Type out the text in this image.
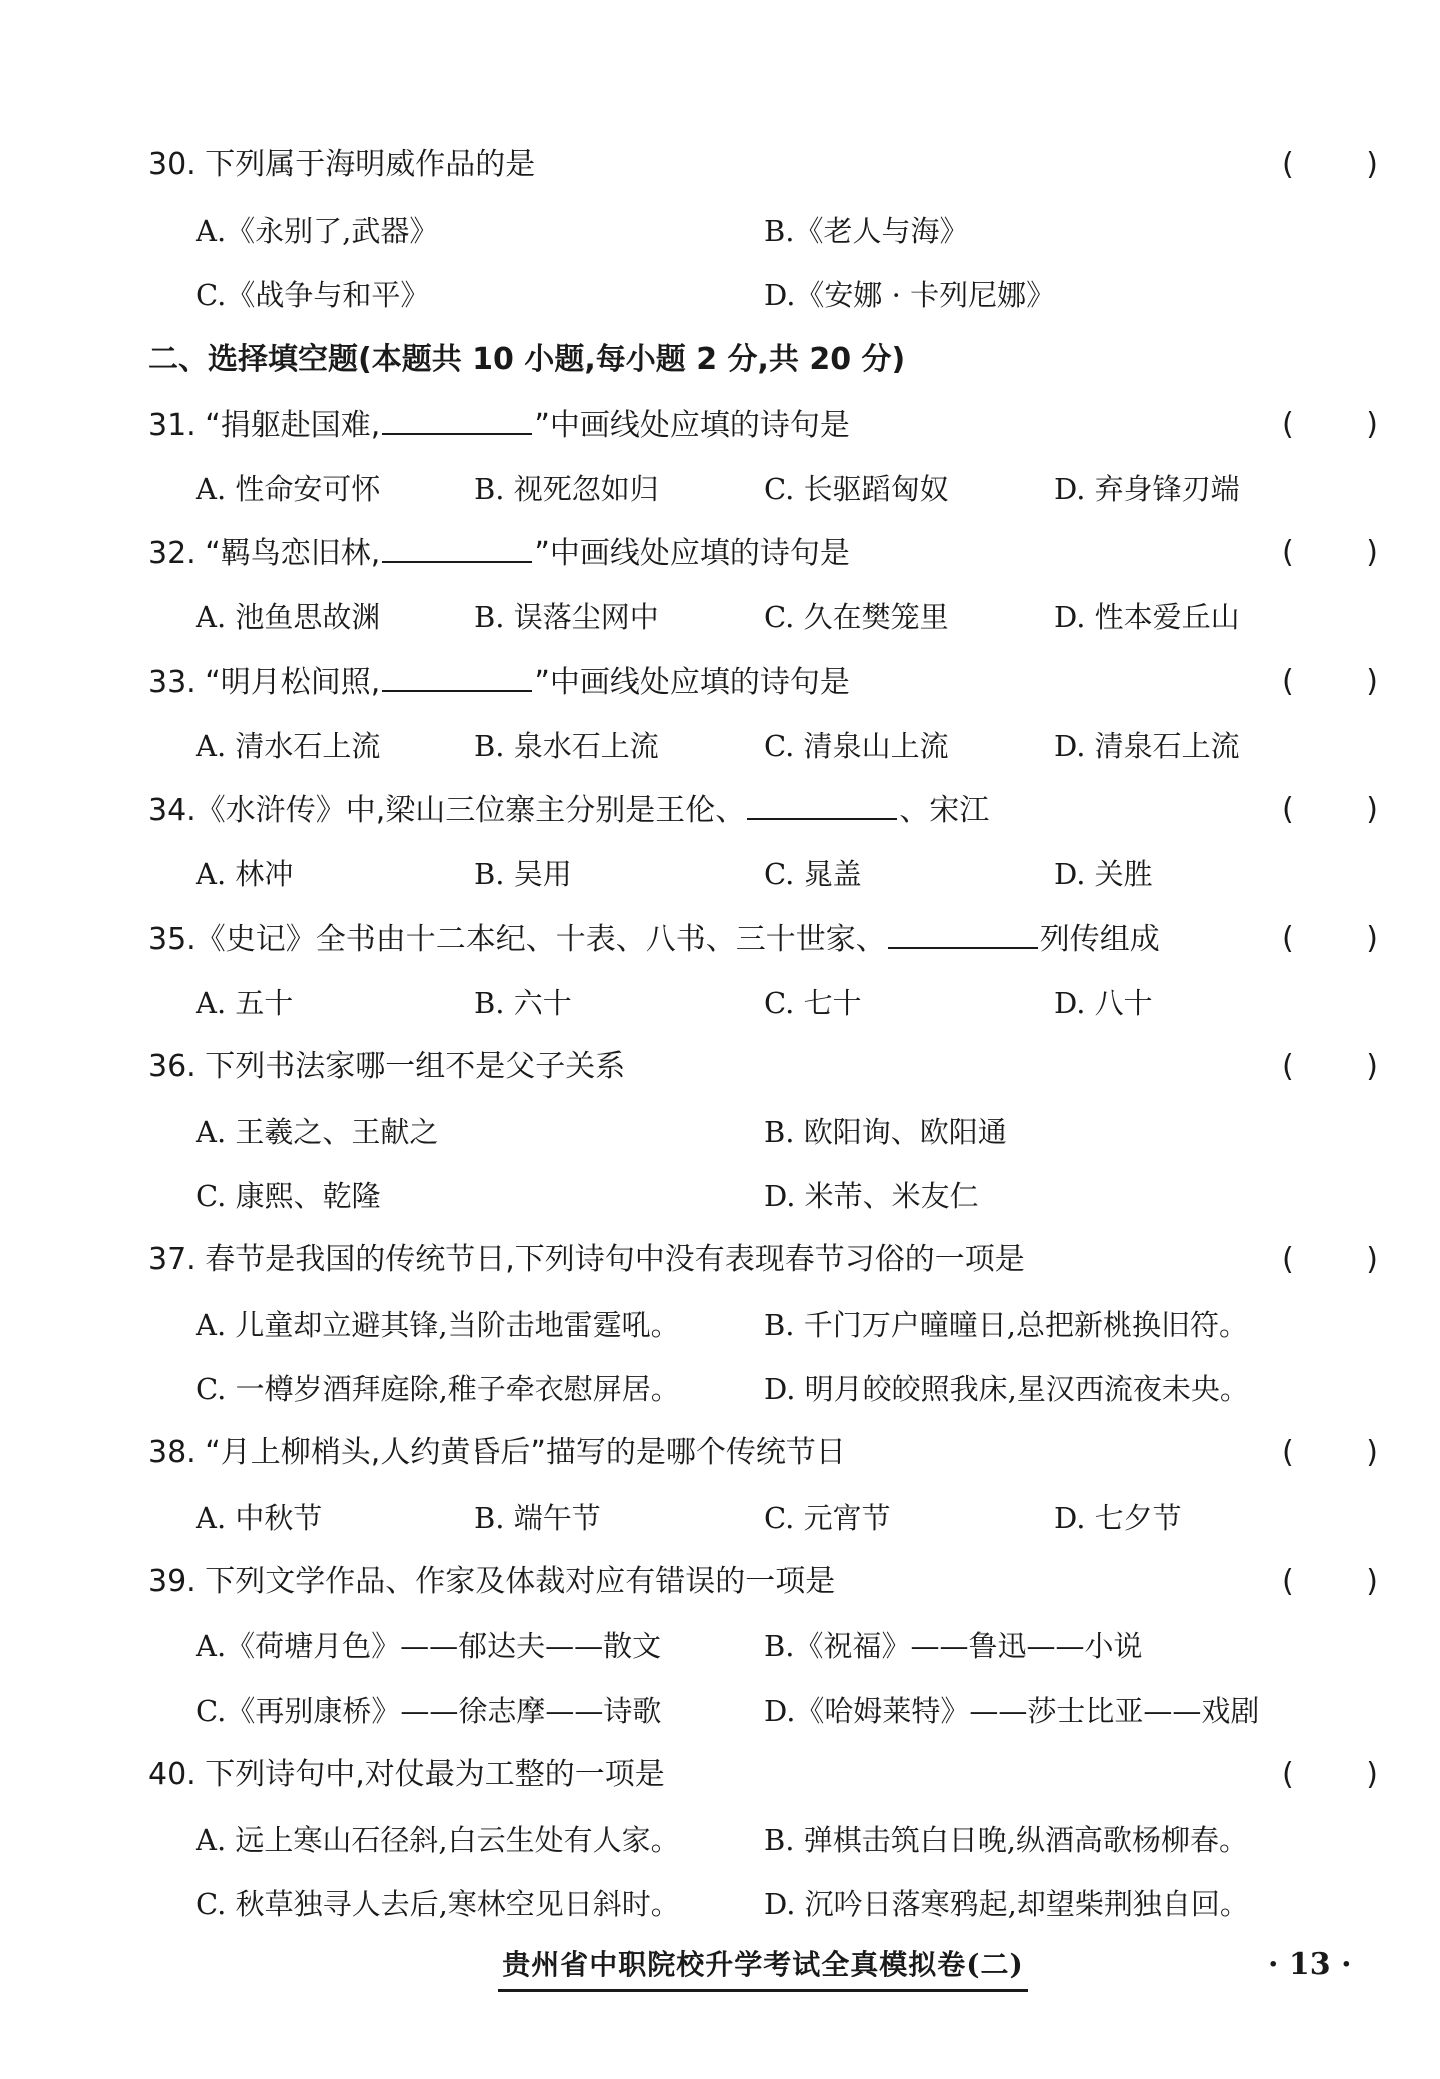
30. 下列属于海明威作品的是	( )
A.《永别了,武器》	B.《老人与海》
C.《战争与和平》	D.《安娜 · 卡列尼娜》
二、选择填空题(本题共 10 小题,每小题 2 分,共 20 分)
31. “捐躯赴国难,	”中画线处应填的诗句是	( )
A. 性命安可怀	B. 视死忽如归	C. 长驱蹈匈奴	D. 弃身锋刃端
32. “羁鸟恋旧林,	”中画线处应填的诗句是	( )
A. 池鱼思故渊	B. 误落尘网中	C. 久在樊笼里	D. 性本爱丘山
33. “明月松间照,	”中画线处应填的诗句是	( )
A. 清水石上流	B. 泉水石上流	C. 清泉山上流	D. 清泉石上流
34.《水浒传》中,梁山三位寨主分别是王伦、	、宋江	( )
A. 林冲	B. 吴用	C. 晁盖	D. 关胜
35.《史记》全书由十二本纪、十表、八书、三十世家、	列传组成	( )
A. 五十	B. 六十	C. 七十	D. 八十
36. 下列书法家哪一组不是父子关系	( )
A. 王羲之、王献之	B. 欧阳询、欧阳通
C. 康熙、乾隆	D. 米芾、米友仁
37. 春节是我国的传统节日,下列诗句中没有表现春节习俗的一项是	( )
A. 儿童却立避其锋,当阶击地雷霆吼。	B. 千门万户曈曈日,总把新桃换旧符。
C. 一樽岁酒拜庭除,稚子牵衣慰屏居。	D. 明月皎皎照我床,星汉西流夜未央。
38. “月上柳梢头,人约黄昏后”描写的是哪个传统节日	( )
A. 中秋节	B. 端午节	C. 元宵节	D. 七夕节
39. 下列文学作品、作家及体裁对应有错误的一项是	( )
A.《荷塘月色》——郁达夫——散文	B.《祝福》——鲁迅——小说
C.《再别康桥》——徐志摩——诗歌	D.《哈姆莱特》——莎士比亚——戏剧
40. 下列诗句中,对仗最为工整的一项是	( )
A. 远上寒山石径斜,白云生处有人家。	B. 弹棋击筑白日晚,纵酒高歌杨柳春。
C. 秋草独寻人去后,寒林空见日斜时。	D. 沉吟日落寒鸦起,却望柴荆独自回。
贵州省中职院校升学考试全真模拟卷(二)	· 13 ·
